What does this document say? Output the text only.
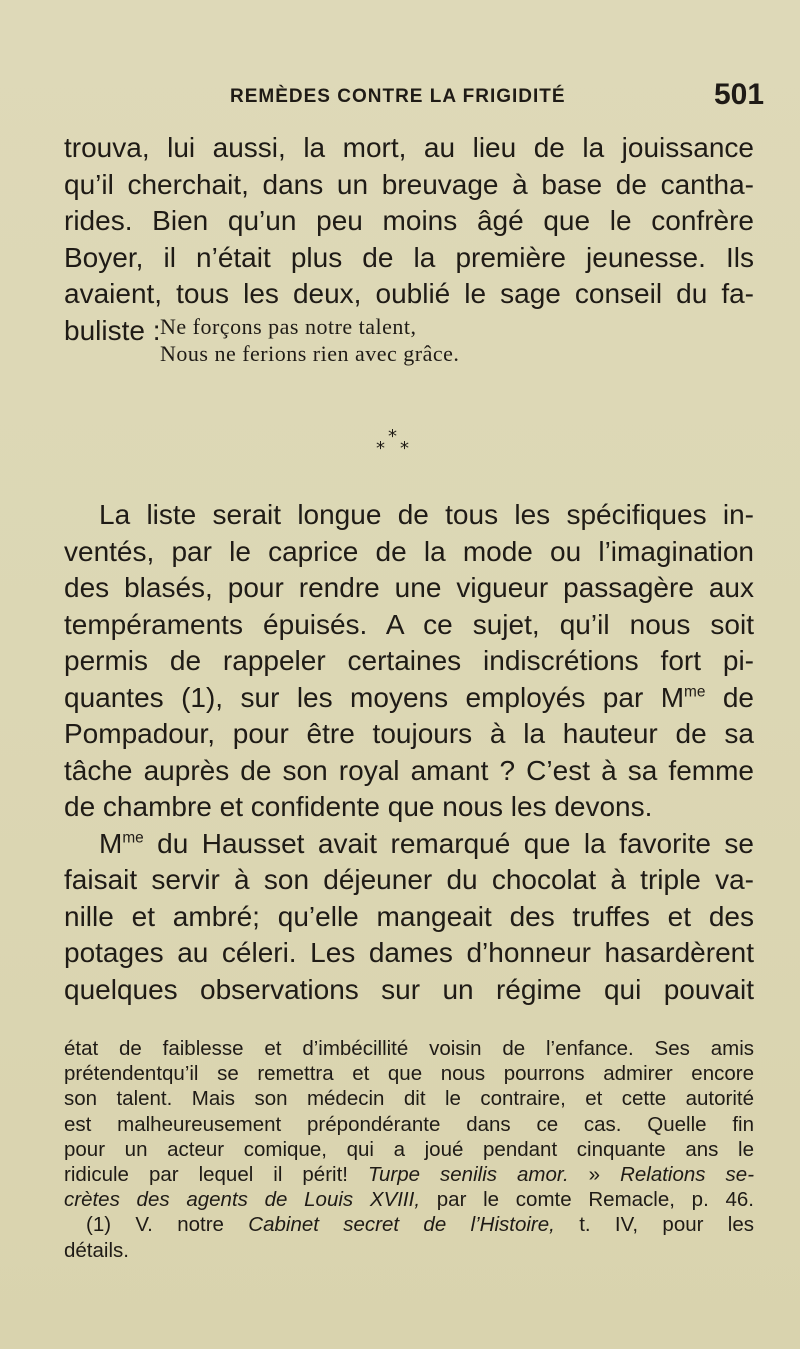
REMÈDES CONTRE LA FRIGIDITÉ	501
trouva, lui aussi, la mort, au lieu de la jouissance
qu’il cherchait, dans un breuvage à base de cantha-
rides. Bien qu’un peu moins âgé que le confrère
Boyer, il n’était plus de la première jeunesse. Ils
avaient, tous les deux, oublié le sage conseil du fa-
buliste : Ne forçons pas notre talent,
Nous ne ferions rien avec grâce.
*
* *
La liste serait longue de tous les spécifiques in-
ventés, par le caprice de la mode ou l’imagination
des blasés, pour rendre une vigueur passagère aux
tempéraments épuisés. A ce sujet, qu’il nous soit
permis de rappeler certaines indiscrétions fort pi-
quantes (1), sur les moyens employés par $M^{me}$ de
Pompadour, pour être toujours à la hauteur de sa
tâche auprès de son royal amant ? C’est à sa femme
de chambre et confidente que nous les devons.
$M^{me}$ du Hausset avait remarqué que la favorite se
faisait servir à son déjeuner du chocolat à triple va-
nille et ambré; qu’elle mangeait des truffes et des
potages au céleri. Les dames d’honneur hasardèrent
quelques observations sur un régime qui pouvait
état de faiblesse et d’imbécillité voisin de l’enfance. Ses amis
prétendentqu’il se remettra et que nous pourrons admirer encore
son talent. Mais son médecin dit le contraire, et cette autorité
est malheureusement prépondérante dans ce cas. Quelle fin
pour un acteur comique, qui a joué pendant cinquante ans le
ridicule par lequel il périt! Turpe senilis amor. » Relations se-
crètes des agents de Louis XVIII, par le comte Remacle, p. 46.
(1) V. notre Cabinet secret de l’Histoire, t. IV, pour les
détails.
